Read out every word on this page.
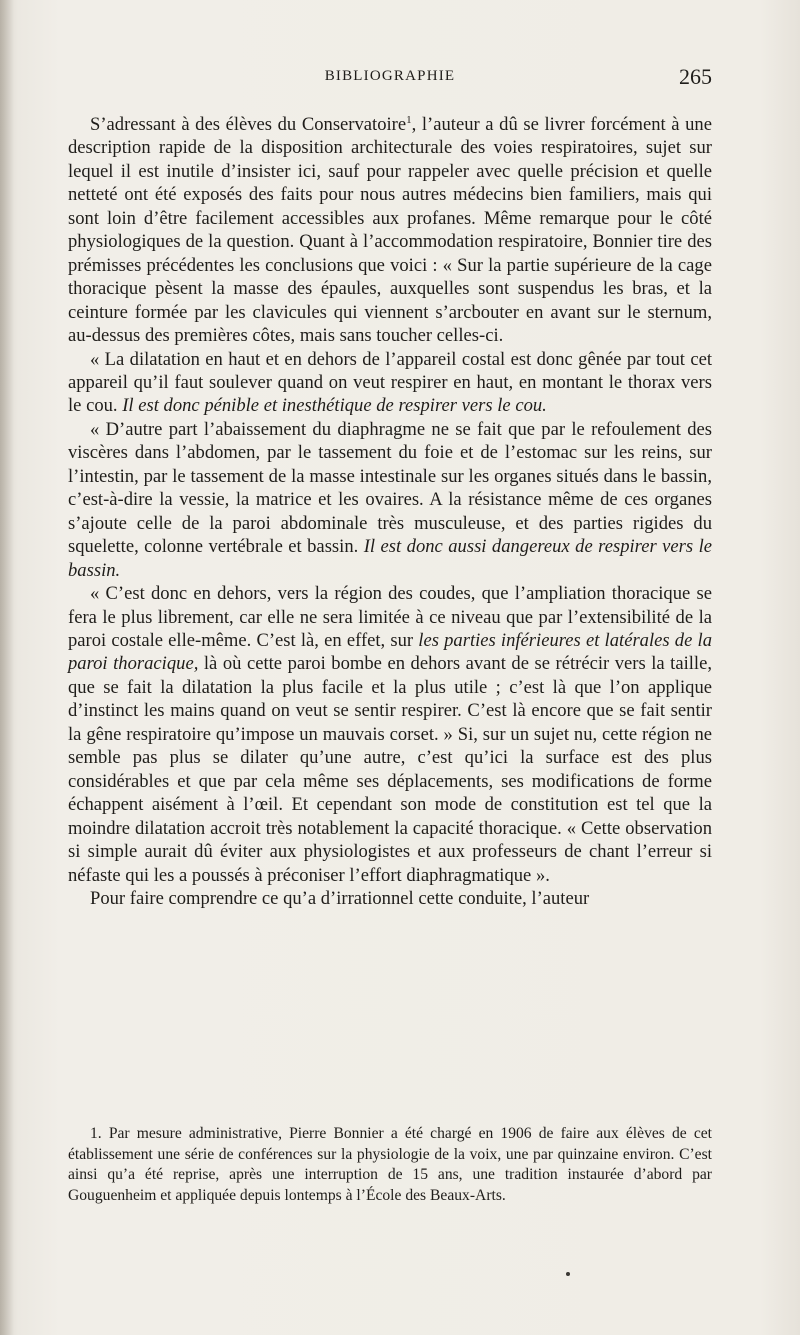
BIBLIOGRAPHIE	265

S’adressant à des élèves du Conservatoire$^1$, l’auteur a dû se livrer forcément à une description rapide de la disposition architecturale des voies respiratoires, sujet sur lequel il est inutile d’insister ici, sauf pour rappeler avec quelle précision et quelle netteté ont été exposés des faits pour nous autres médecins bien familiers, mais qui sont loin d’être facilement accessibles aux profanes. Même remarque pour le côté physiologiques de la question. Quant à l’accommodation respiratoire, Bonnier tire des prémisses précédentes les conclusions que voici : « Sur la partie supérieure de la cage thoracique pèsent la masse des épaules, auxquelles sont suspendus les bras, et la ceinture formée par les clavicules qui viennent s’arcbouter en avant sur le sternum, au-dessus des premières côtes, mais sans toucher celles-ci.

« La dilatation en haut et en dehors de l’appareil costal est donc gênée par tout cet appareil qu’il faut soulever quand on veut respirer en haut, en montant le thorax vers le cou. Il est donc pénible et inesthétique de respirer vers le cou.

« D’autre part l’abaissement du diaphragme ne se fait que par le refoulement des viscères dans l’abdomen, par le tassement du foie et de l’estomac sur les reins, sur l’intestin, par le tassement de la masse intestinale sur les organes situés dans le bassin, c’est-à-dire la vessie, la matrice et les ovaires. A la résistance même de ces organes s’ajoute celle de la paroi abdominale très musculeuse, et des parties rigides du squelette, colonne vertébrale et bassin. Il est donc aussi dangereux de respirer vers le bassin.

« C’est donc en dehors, vers la région des coudes, que l’ampliation thoracique se fera le plus librement, car elle ne sera limitée à ce niveau que par l’extensibilité de la paroi costale elle-même. C’est là, en effet, sur les parties inférieures et latérales de la paroi thoracique, là où cette paroi bombe en dehors avant de se rétrécir vers la taille, que se fait la dilatation la plus facile et la plus utile ; c’est là que l’on applique d’instinct les mains quand on veut se sentir respirer. C’est là encore que se fait sentir la gêne respiratoire qu’impose un mauvais corset. » Si, sur un sujet nu, cette région ne semble pas plus se dilater qu’une autre, c’est qu’ici la surface est des plus considérables et que par cela même ses déplacements, ses modifications de forme échappent aisément à l’œil. Et cependant son mode de constitution est tel que la moindre dilatation accroit très notablement la capacité thoracique. « Cette observation si simple aurait dû éviter aux physiologistes et aux professeurs de chant l’erreur si néfaste qui les a poussés à préconiser l’effort diaphragmatique ».

Pour faire comprendre ce qu’a d’irrationnel cette conduite, l’auteur

1. Par mesure administrative, Pierre Bonnier a été chargé en 1906 de faire aux élèves de cet établissement une série de conférences sur la physiologie de la voix, une par quinzaine environ. C’est ainsi qu’a été reprise, après une interruption de 15 ans, une tradition instaurée d’abord par Gouguenheim et appliquée depuis lontemps à l’École des Beaux-Arts.
